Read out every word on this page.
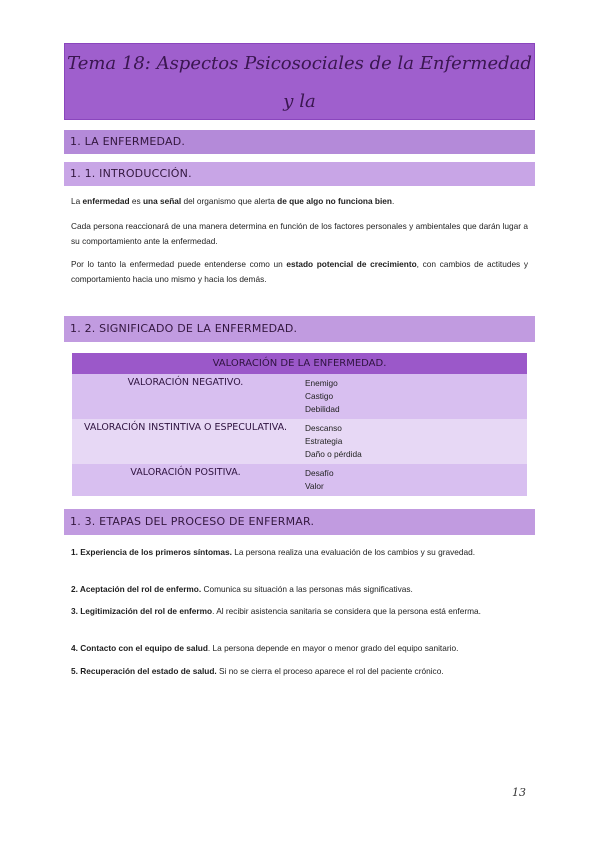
Tema 18: Aspectos Psicosociales de la Enfermedad y la
1. LA ENFERMEDAD.
1. 1. INTRODUCCIÓN.
La enfermedad es una señal del organismo que alerta de que algo no funciona bien.
Cada persona reaccionará de una manera determina en función de los factores personales y ambientales que darán lugar a su comportamiento ante la enfermedad.
Por lo tanto la enfermedad puede entenderse como un estado potencial de crecimiento, con cambios de actitudes y comportamiento hacia uno mismo y hacia los demás.
1. 2. SIGNIFICADO DE LA ENFERMEDAD.
VALORACIÓN DE LA ENFERMEDAD.	
VALORACIÓN NEGATIVO.	Enemigo
Castigo
Debilidad

VALORACIÓN INSTINTIVA O ESPECULATIVA.	Descanso
Estrategia
Daño o pérdida

VALORACIÓN POSITIVA.	Desafío
Valor
1. 3. ETAPAS DEL PROCESO DE ENFERMAR.
1. Experiencia de los primeros síntomas. La persona realiza una evaluación de los cambios y su gravedad.
2. Aceptación del rol de enfermo. Comunica su situación a las personas más significativas.
3. Legitimización del rol de enfermo. Al recibir asistencia sanitaria se considera que la persona está enferma.
4. Contacto con el equipo de salud. La persona depende en mayor o menor grado del equipo sanitario.
5. Recuperación del estado de salud. Si no se cierra el proceso aparece el rol del paciente crónico.
13
